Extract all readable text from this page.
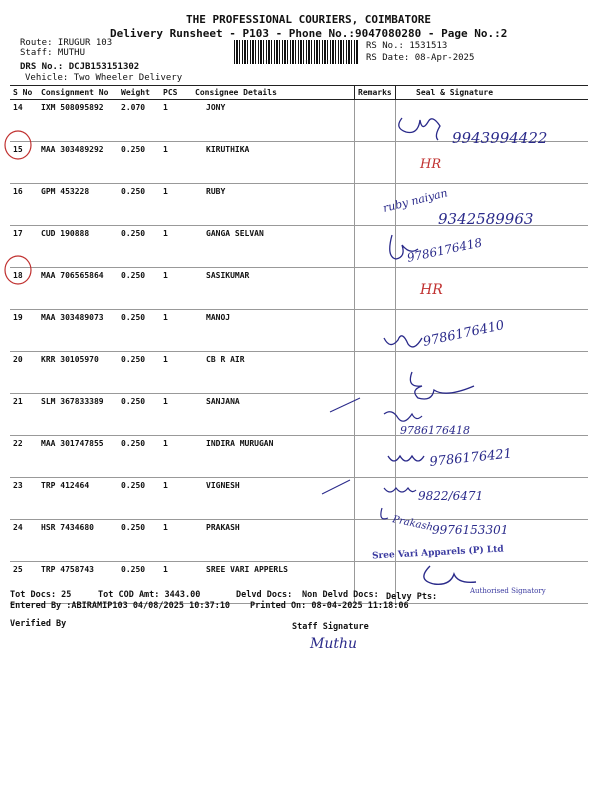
THE PROFESSIONAL COURIERS, COIMBATORE
Delivery Runsheet - P103 - Phone No.:9047080280 - Page No.:2
Route: IRUGUR 103
Staff: MUTHU
DRS No.: DCJB153151302
Vehicle: Two Wheeler Delivery
RS No.: 1531513
RS Date: 08-Apr-2025
S No	Consignment No	Weight	PCS	Consignee Details	Remarks	Seal & Signature
14	IXM 508095892	2.070	1	JONY		
15	MAA 303489292	0.250	1	KIRUTHIKA		
16	GPM 453228	0.250	1	RUBY		
17	CUD 190888	0.250	1	GANGA SELVAN		
18	MAA 706565864	0.250	1	SASIKUMAR		
19	MAA 303489073	0.250	1	MANOJ		
20	KRR 30105970	0.250	1	CB R AIR		
21	SLM 367833389	0.250	1	SANJANA		
22	MAA 301747855	0.250	1	INDIRA MURUGAN		
23	TRP 412464	0.250	1	VIGNESH		
24	HSR 7434680	0.250	1	PRAKASH		
25	TRP 4758743	0.250	1	SREE VARI APPERLS		
9943994422
HR
ruby naiyan
9342589963
9786176418
HR
9786176410
9786176418
9786176421
9822/6471
Prakash
9976153301
Muthu
Sree Vari Apparels (P) Ltd
Authorised Signatory
Tot Docs: 25	Tot COD Amt: 3443.00	Delvd Docs: Non Delvd Docs: Delvy Pts:
Entered By :ABIRAMIP103 04/08/2025 10:37:10 Printed On: 08-04-2025 11:18:06
Verified By	Staff Signature
